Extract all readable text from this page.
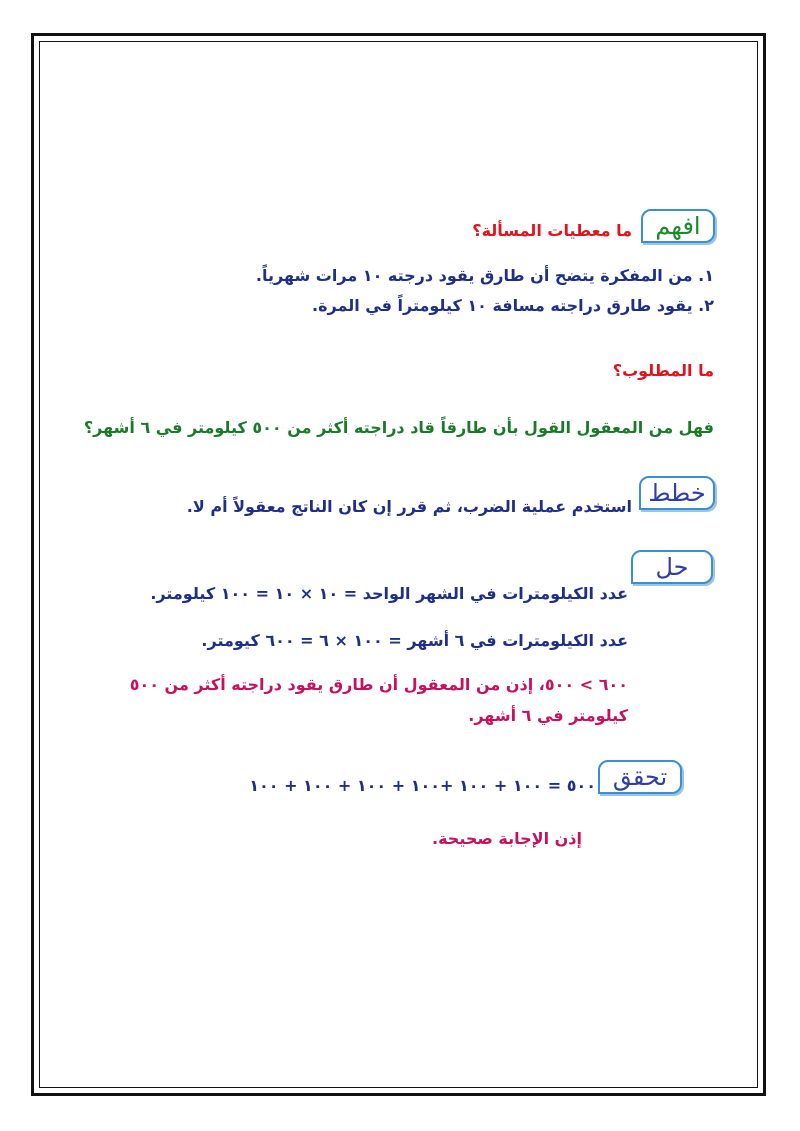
افهم
ما معطيات المسألة؟
١. من المفكرة يتضح أن طارق يقود درجته ١٠ مرات شهرياً.
٢. يقود طارق دراجته مسافة ١٠ كيلومتراً في المرة.
ما المطلوب؟
فهل من المعقول القول بأن طارقاً قاد دراجته أكثر من ٥٠٠ كيلومتر في ٦ أشهر؟
خطط
استخدم عملية الضرب، ثم قرر إن كان الناتج معقولاً أم لا.
حل
عدد الكيلومترات في الشهر الواحد = ١٠ × ١٠ = ١٠٠ كيلومتر.
عدد الكيلومترات في ٦ أشهر = ١٠٠ × ٦ = ٦٠٠ كيومتر.
٦٠٠ > ٥٠٠، إذن من المعقول أن طارق يقود دراجته أكثر من ٥٠٠
كيلومتر في ٦ أشهر.
تحقق
٥٠٠ = ١٠٠ + ١٠٠ +١٠٠ + ١٠٠ + ١٠٠ + ١٠٠
إذن الإجابة صحيحة.
